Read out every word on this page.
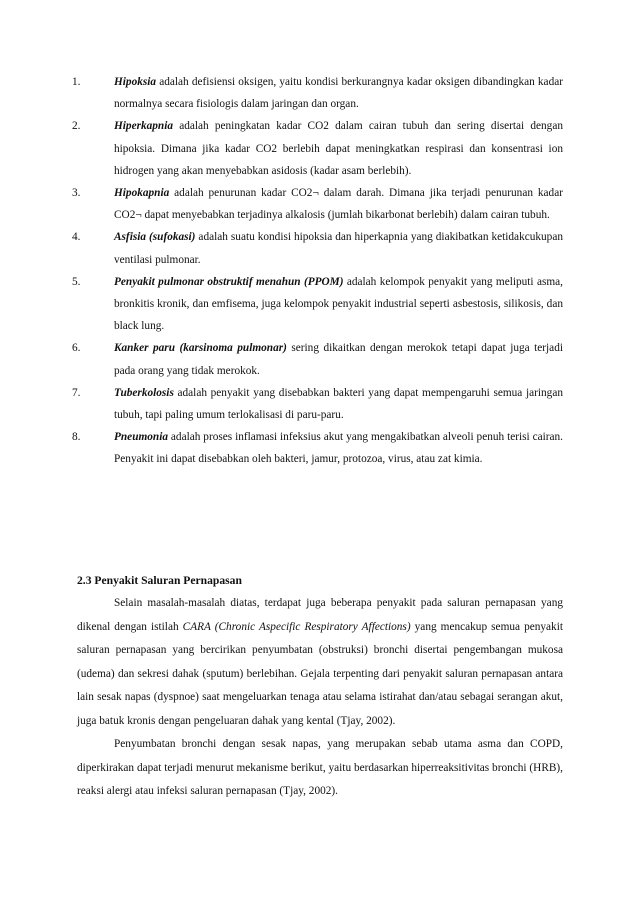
1.	Hipoksia adalah defisiensi oksigen, yaitu kondisi berkurangnya kadar oksigen dibandingkan kadar normalnya secara fisiologis dalam jaringan dan organ.

2.	Hiperkapnia adalah peningkatan kadar CO2 dalam cairan tubuh dan sering disertai dengan hipoksia. Dimana jika kadar CO2 berlebih dapat meningkatkan respirasi dan konsentrasi ion hidrogen yang akan menyebabkan asidosis (kadar asam berlebih).

3.	Hipokapnia adalah penurunan kadar CO2¬ dalam darah. Dimana jika terjadi penurunan kadar CO2¬ dapat menyebabkan terjadinya alkalosis (jumlah bikarbonat berlebih) dalam cairan tubuh.

4.	Asfisia (sufokasi) adalah suatu kondisi hipoksia dan hiperkapnia yang diakibatkan ketidakcukupan ventilasi pulmonar.

5.	Penyakit pulmonar obstruktif menahun (PPOM) adalah kelompok penyakit yang meliputi asma, bronkitis kronik, dan emfisema, juga kelompok penyakit industrial seperti asbestosis, silikosis, dan black lung.

6.	Kanker paru (karsinoma pulmonar) sering dikaitkan dengan merokok tetapi dapat juga terjadi pada orang yang tidak merokok.

7.	Tuberkolosis adalah penyakit yang disebabkan bakteri yang dapat mempengaruhi semua jaringan tubuh, tapi paling umum terlokalisasi di paru-paru.

8.	Pneumonia adalah proses inflamasi infeksius akut yang mengakibatkan alveoli penuh terisi cairan. Penyakit ini dapat disebabkan oleh bakteri, jamur, protozoa, virus, atau zat kimia.

2.3 Penyakit Saluran Pernapasan

Selain masalah-masalah diatas, terdapat juga beberapa penyakit pada saluran pernapasan yang dikenal dengan istilah CARA (Chronic Aspecific Respiratory Affections) yang mencakup semua penyakit saluran pernapasan yang bercirikan penyumbatan (obstruksi) bronchi disertai pengembangan mukosa (udema) dan sekresi dahak (sputum) berlebihan. Gejala terpenting dari penyakit saluran pernapasan antara lain sesak napas (dyspnoe) saat mengeluarkan tenaga atau selama istirahat dan/atau sebagai serangan akut, juga batuk kronis dengan pengeluaran dahak yang kental (Tjay, 2002).

Penyumbatan bronchi dengan sesak napas, yang merupakan sebab utama asma dan COPD, diperkirakan dapat terjadi menurut mekanisme berikut, yaitu berdasarkan hiperreaksitivitas bronchi (HRB), reaksi alergi atau infeksi saluran pernapasan (Tjay, 2002).
